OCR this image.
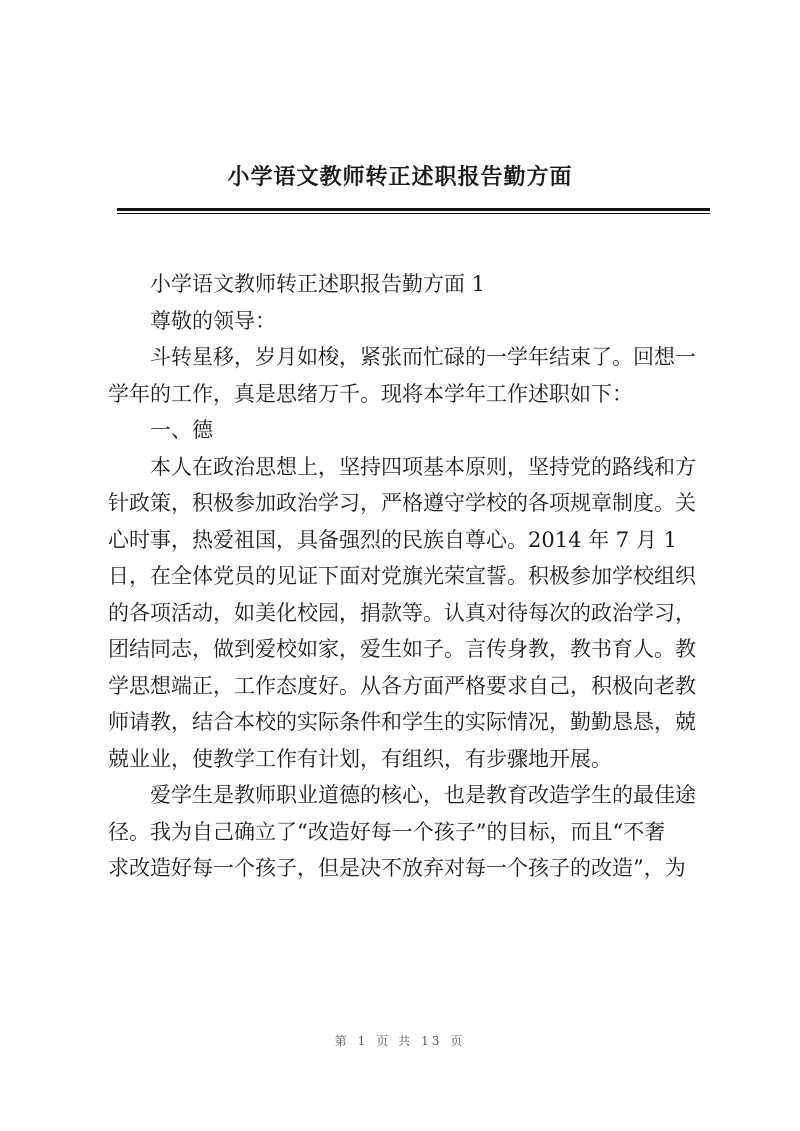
小学语文教师转正述职报告勤方面

小学语文教师转正述职报告勤方面 1

尊敬的领导：

斗转星移，岁月如梭，紧张而忙碌的一学年结束了。回想一
学年的工作，真是思绪万千。现将本学年工作述职如下：

一、德

本人在政治思想上，坚持四项基本原则，坚持党的路线和方
针政策，积极参加政治学习，严格遵守学校的各项规章制度。关
心时事，热爱祖国，具备强烈的民族自尊心。2014 年 7 月 1
日，在全体党员的见证下面对党旗光荣宣誓。积极参加学校组织
的各项活动，如美化校园，捐款等。认真对待每次的政治学习，
团结同志，做到爱校如家，爱生如子。言传身教，教书育人。教
学思想端正，工作态度好。从各方面严格要求自己，积极向老教
师请教，结合本校的实际条件和学生的实际情况，勤勤恳恳，兢
兢业业，使教学工作有计划，有组织，有步骤地开展。

爱学生是教师职业道德的核心，也是教育改造学生的最佳途
径。我为自己确立了“改造好每一个孩子”的目标，而且“不奢
求改造好每一个孩子，但是决不放弃对每一个孩子的改造”，为

第 1 页 共 13 页
